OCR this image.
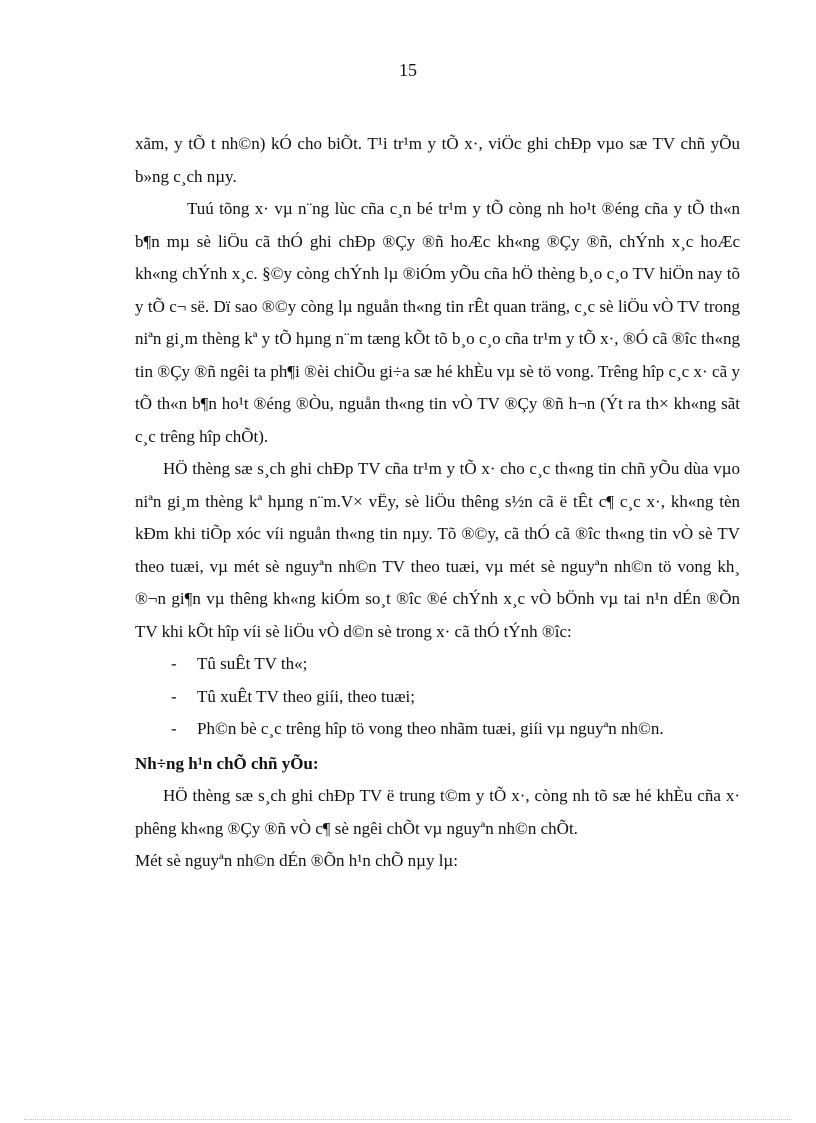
15

xãm, y tÕ t nh©n) kÓ cho biÕt. T¹i tr¹m y tÕ x·, viÖc ghi chÐp vµo sæ TV chñ yÕu b»ng c¸ch nµy.

Tuú tõng x· vµ n¨ng lùc cña c¸n bé tr¹m y tÕ còng nh ho¹t ®éng cña y tÕ th«n b¶n mµ sè liÖu cã thÓ ghi chÐp ®Çy ®ñ hoÆc kh«ng ®Çy ®ñ, chÝnh x¸c hoÆc kh«ng chÝnh x¸c. §©y còng chÝnh lµ ®iÓm yÕu cña hÖ thèng b¸o c¸o TV hiÖn nay tõ y tÕ c¬ së. Dï sao ®©y còng lµ nguån th«ng tin rÊt quan träng, c¸c sè liÖu vÒ TV trong niªn gi¸m thèng kª y tÕ hµng n¨m tæng kÕt tõ b¸o c¸o cña tr¹m y tÕ x·, ®Ó cã ®îc th«ng tin ®Çy ®ñ ngêi ta ph¶i ®èi chiÕu gi÷a sæ hé khÈu vµ sè tö vong. Trêng hîp c¸c x· cã y tÕ th«n b¶n ho¹t ®éng ®Òu, nguån th«ng tin vÒ TV ®Çy ®ñ h¬n (Ýt ra th× kh«ng sãt c¸c trêng hîp chÕt).

HÖ thèng sæ s¸ch ghi chÐp TV cña tr¹m y tÕ x· cho c¸c th«ng tin chñ yÕu dùa vµo niªn gi¸m thèng kª hµng n¨m.V× vËy, sè liÖu thêng s½n cã ë tÊt c¶ c¸c x·, kh«ng tèn kÐm khi tiÕp xóc víi nguån th«ng tin nµy. Tõ ®©y, cã thÓ cã ®îc th«ng tin vÒ sè TV theo tuæi, vµ mét sè nguyªn nh©n TV theo tuæi, vµ mét sè nguyªn nh©n tö vong kh¸ ®¬n gi¶n vµ thêng kh«ng kiÓm so¸t ®îc ®é chÝnh x¸c vÒ bÖnh vµ tai n¹n dÉn ®Õn TV khi kÕt hîp víi sè liÖu vÒ d©n sè trong x· cã thÓ tÝnh ®îc:

- Tû suÊt TV th«;
- Tû xuÊt TV theo giíi, theo tuæi;
- Ph©n bè c¸c trêng hîp tö vong theo nhãm tuæi, giíi vµ nguyªn nh©n.

Nh÷ng h¹n chÕ chñ yÕu:

HÖ thèng sæ s¸ch ghi chÐp TV ë trung t©m y tÕ x·, còng nh tõ sæ hé khÈu cña x· phêng kh«ng ®Çy ®ñ vÒ c¶ sè ngêi chÕt vµ nguyªn nh©n chÕt.

Mét sè nguyªn nh©n dÉn ®Õn h¹n chÕ nµy lµ:
